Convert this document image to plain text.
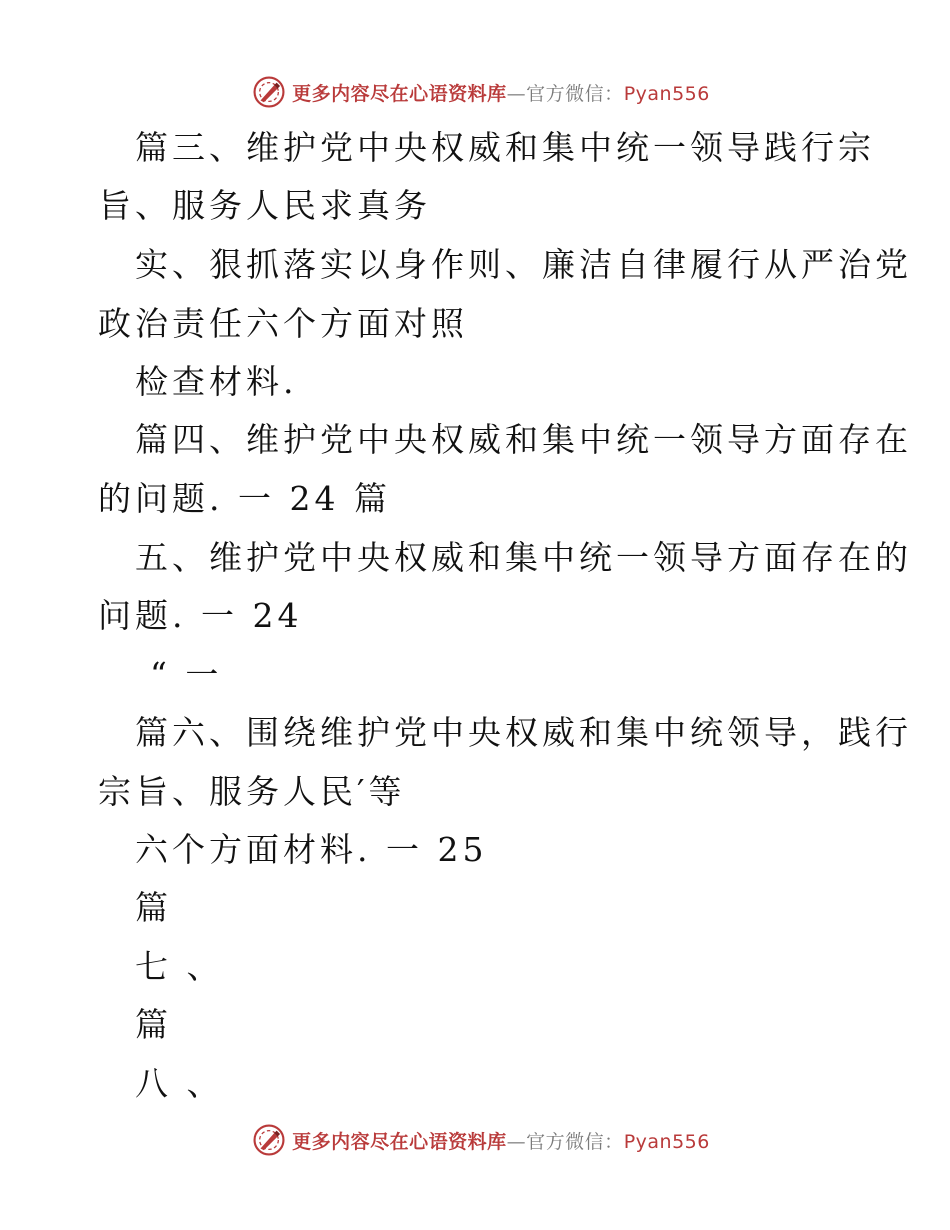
更多内容尽在心语资料库—官方微信：Pyan556
篇三、维护党中央权威和集中统一领导践行宗
旨、服务人民求真务
实、狠抓落实以身作则、廉洁自律履行从严治党
政治责任六个方面对照
检查材料.
篇四、维护党中央权威和集中统一领导方面存在
的问题. 一 24 篇
五、维护党中央权威和集中统一领导方面存在的
问题. 一 24
“ 一
篇六、围绕维护党中央权威和集中统领导，践行
宗旨、服务人民′等
六个方面材料. 一 25
篇
七 、
篇
八 、
更多内容尽在心语资料库—官方微信：Pyan556
